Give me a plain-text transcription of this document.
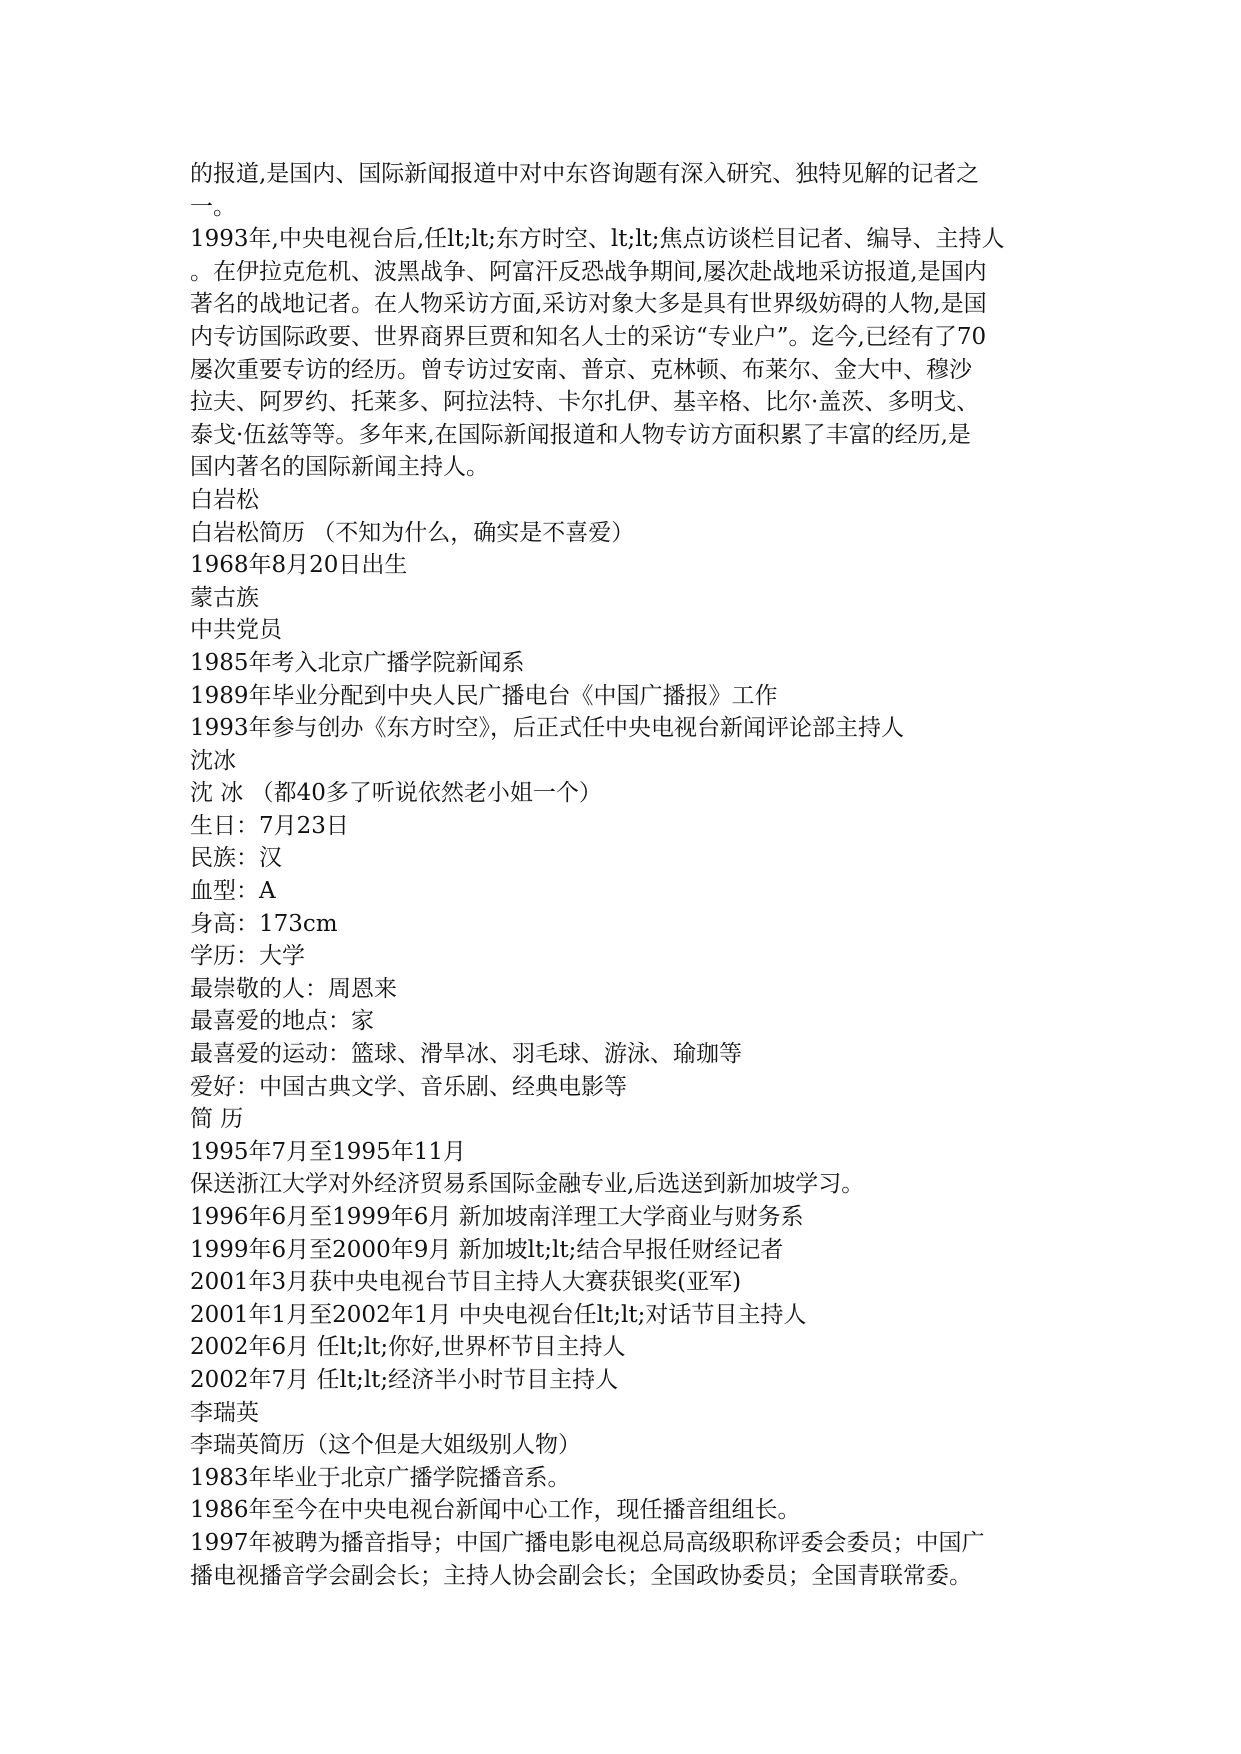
的报道,是国内、国际新闻报道中对中东咨询题有深入研究、独特见解的记者之
一。
1993年,中央电视台后,任lt;lt;东方时空、lt;lt;焦点访谈栏目记者、编导、主持人
。在伊拉克危机、波黑战争、阿富汗反恐战争期间,屡次赴战地采访报道,是国内
著名的战地记者。在人物采访方面,采访对象大多是具有世界级妨碍的人物,是国
内专访国际政要、世界商界巨贾和知名人士的采访“专业户”。迄今,已经有了70
屡次重要专访的经历。曾专访过安南、普京、克林顿、布莱尔、金大中、穆沙
拉夫、阿罗约、托莱多、阿拉法特、卡尔扎伊、基辛格、比尔·盖茨、多明戈、
泰戈·伍兹等等。多年来,在国际新闻报道和人物专访方面积累了丰富的经历,是
国内著名的国际新闻主持人。
白岩松
白岩松简历 （不知为什么，确实是不喜爱）
1968年8月20日出生
蒙古族
中共党员
1985年考入北京广播学院新闻系
1989年毕业分配到中央人民广播电台《中国广播报》工作
1993年参与创办《东方时空》，后正式任中央电视台新闻评论部主持人
沈冰
沈 冰 （都40多了听说依然老小姐一个）
生日：7月23日
民族：汉
血型：A
身高：173cm
学历：大学
最崇敬的人：周恩来
最喜爱的地点：家
最喜爱的运动：篮球、滑旱冰、羽毛球、游泳、瑜珈等
爱好：中国古典文学、音乐剧、经典电影等
简 历
1995年7月至1995年11月
保送浙江大学对外经济贸易系国际金融专业,后选送到新加坡学习。
1996年6月至1999年6月 新加坡南洋理工大学商业与财务系
1999年6月至2000年9月 新加坡lt;lt;结合早报任财经记者
2001年3月获中央电视台节目主持人大赛获银奖(亚军)
2001年1月至2002年1月 中央电视台任lt;lt;对话节目主持人
2002年6月 任lt;lt;你好,世界杯节目主持人
2002年7月 任lt;lt;经济半小时节目主持人
李瑞英
李瑞英简历（这个但是大姐级别人物）
1983年毕业于北京广播学院播音系。
1986年至今在中央电视台新闻中心工作，现任播音组组长。
1997年被聘为播音指导；中国广播电影电视总局高级职称评委会委员；中国广
播电视播音学会副会长；主持人协会副会长；全国政协委员；全国青联常委。
